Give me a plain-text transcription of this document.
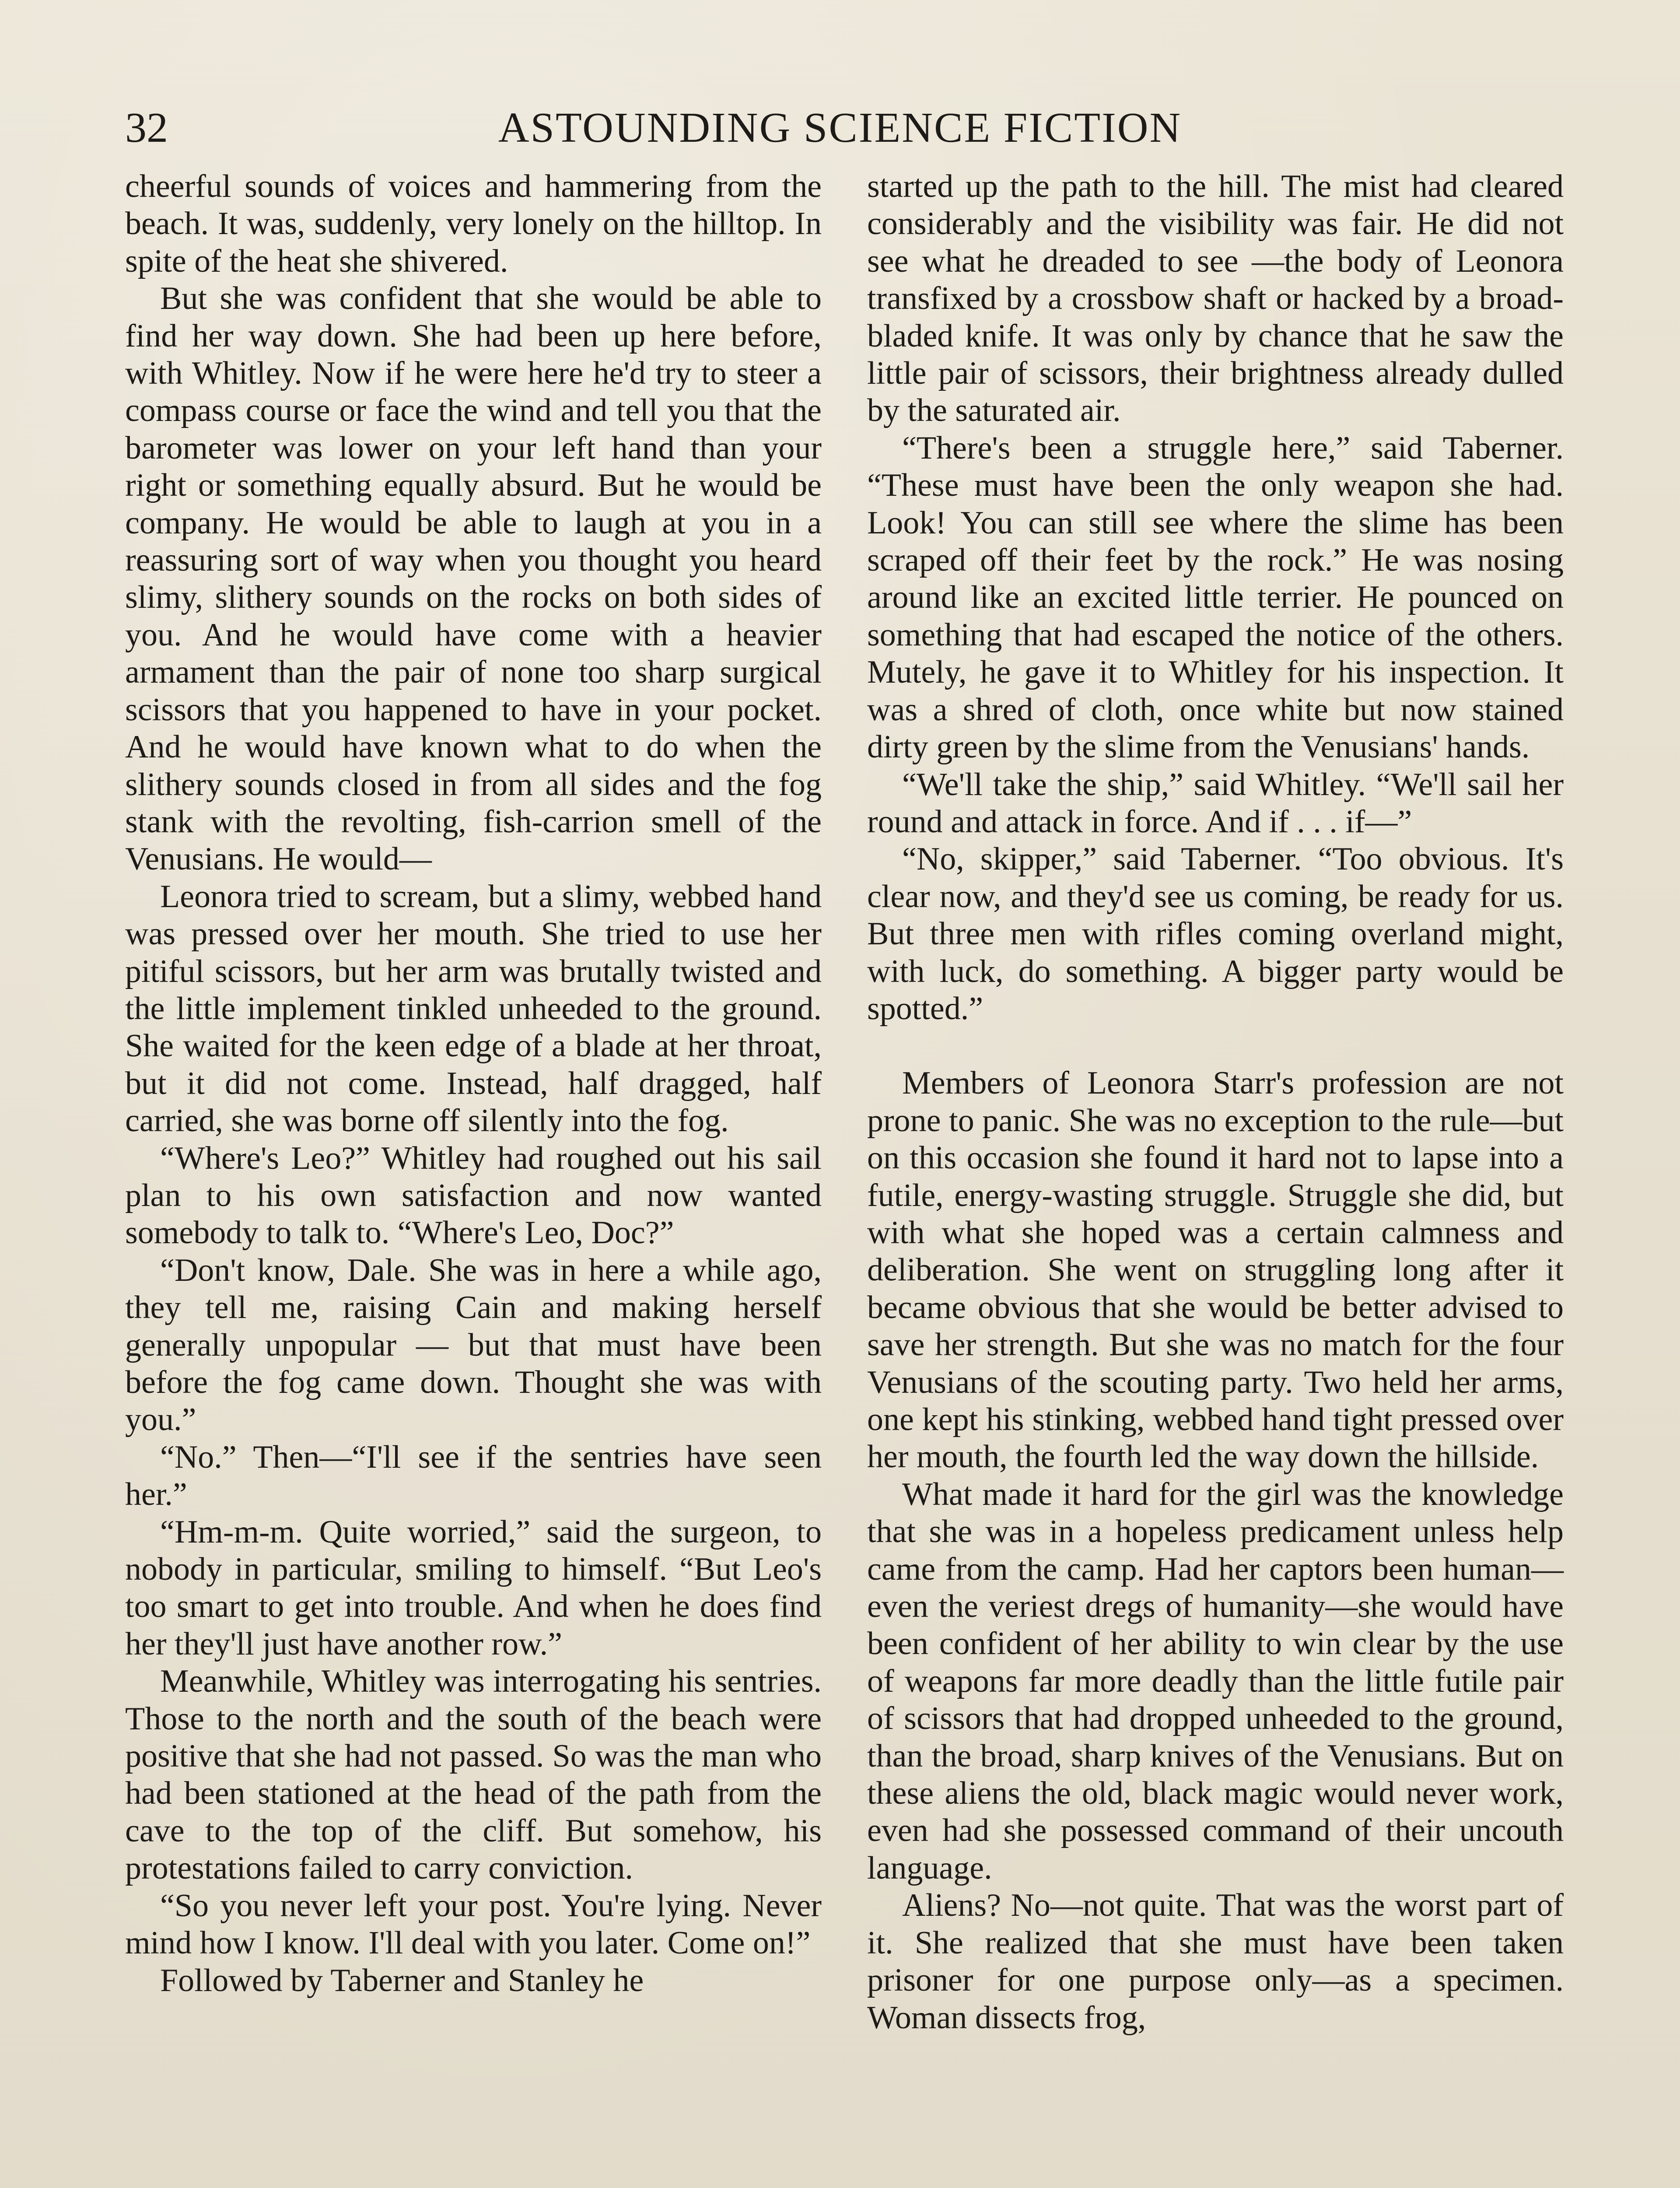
32	ASTOUNDING SCIENCE FICTION

cheerful sounds of voices and hammering from the beach. It was, suddenly, very lonely on the hilltop. In spite of the heat she shivered.

But she was confident that she would be able to find her way down. She had been up here before, with Whitley. Now if he were here he'd try to steer a compass course or face the wind and tell you that the barometer was lower on your left hand than your right or something equally absurd. But he would be company. He would be able to laugh at you in a reassuring sort of way when you thought you heard slimy, slithery sounds on the rocks on both sides of you. And he would have come with a heavier armament than the pair of none too sharp surgical scissors that you happened to have in your pocket. And he would have known what to do when the slithery sounds closed in from all sides and the fog stank with the revolting, fish-carrion smell of the Venusians. He would—

Leonora tried to scream, but a slimy, webbed hand was pressed over her mouth. She tried to use her pitiful scissors, but her arm was brutally twisted and the little implement tinkled unheeded to the ground. She waited for the keen edge of a blade at her throat, but it did not come. Instead, half dragged, half carried, she was borne off silently into the fog.

“Where's Leo?” Whitley had roughed out his sail plan to his own satisfaction and now wanted somebody to talk to. “Where's Leo, Doc?”

“Don't know, Dale. She was in here a while ago, they tell me, raising Cain and making herself generally unpopular — but that must have been before the fog came down. Thought she was with you.”

“No.” Then—“I'll see if the sentries have seen her.”

“Hm-m-m. Quite worried,” said the surgeon, to nobody in particular, smiling to himself. “But Leo's too smart to get into trouble. And when he does find her they'll just have another row.”

Meanwhile, Whitley was interrogating his sentries. Those to the north and the south of the beach were positive that she had not passed. So was the man who had been stationed at the head of the path from the cave to the top of the cliff. But somehow, his protestations failed to carry conviction.

“So you never left your post. You're lying. Never mind how I know. I'll deal with you later. Come on!”

Followed by Taberner and Stanley he

started up the path to the hill. The mist had cleared considerably and the visibility was fair. He did not see what he dreaded to see —the body of Leonora transfixed by a crossbow shaft or hacked by a broad-bladed knife. It was only by chance that he saw the little pair of scissors, their brightness already dulled by the saturated air.

“There's been a struggle here,” said Taberner. “These must have been the only weapon she had. Look! You can still see where the slime has been scraped off their feet by the rock.” He was nosing around like an excited little terrier. He pounced on something that had escaped the notice of the others. Mutely, he gave it to Whitley for his inspection. It was a shred of cloth, once white but now stained dirty green by the slime from the Venusians' hands.

“We'll take the ship,” said Whitley. “We'll sail her round and attack in force. And if . . . if—”

“No, skipper,” said Taberner. “Too obvious. It's clear now, and they'd see us coming, be ready for us. But three men with rifles coming overland might, with luck, do something. A bigger party would be spotted.”

Members of Leonora Starr's profession are not prone to panic. She was no exception to the rule—but on this occasion she found it hard not to lapse into a futile, energy-wasting struggle. Struggle she did, but with what she hoped was a certain calmness and deliberation. She went on struggling long after it became obvious that she would be better advised to save her strength. But she was no match for the four Venusians of the scouting party. Two held her arms, one kept his stinking, webbed hand tight pressed over her mouth, the fourth led the way down the hillside.

What made it hard for the girl was the knowledge that she was in a hopeless predicament unless help came from the camp. Had her captors been human—even the veriest dregs of humanity—she would have been confident of her ability to win clear by the use of weapons far more deadly than the little futile pair of scissors that had dropped unheeded to the ground, than the broad, sharp knives of the Venusians. But on these aliens the old, black magic would never work, even had she possessed command of their uncouth language.

Aliens? No—not quite. That was the worst part of it. She realized that she must have been taken prisoner for one purpose only—as a specimen. Woman dissects frog,
